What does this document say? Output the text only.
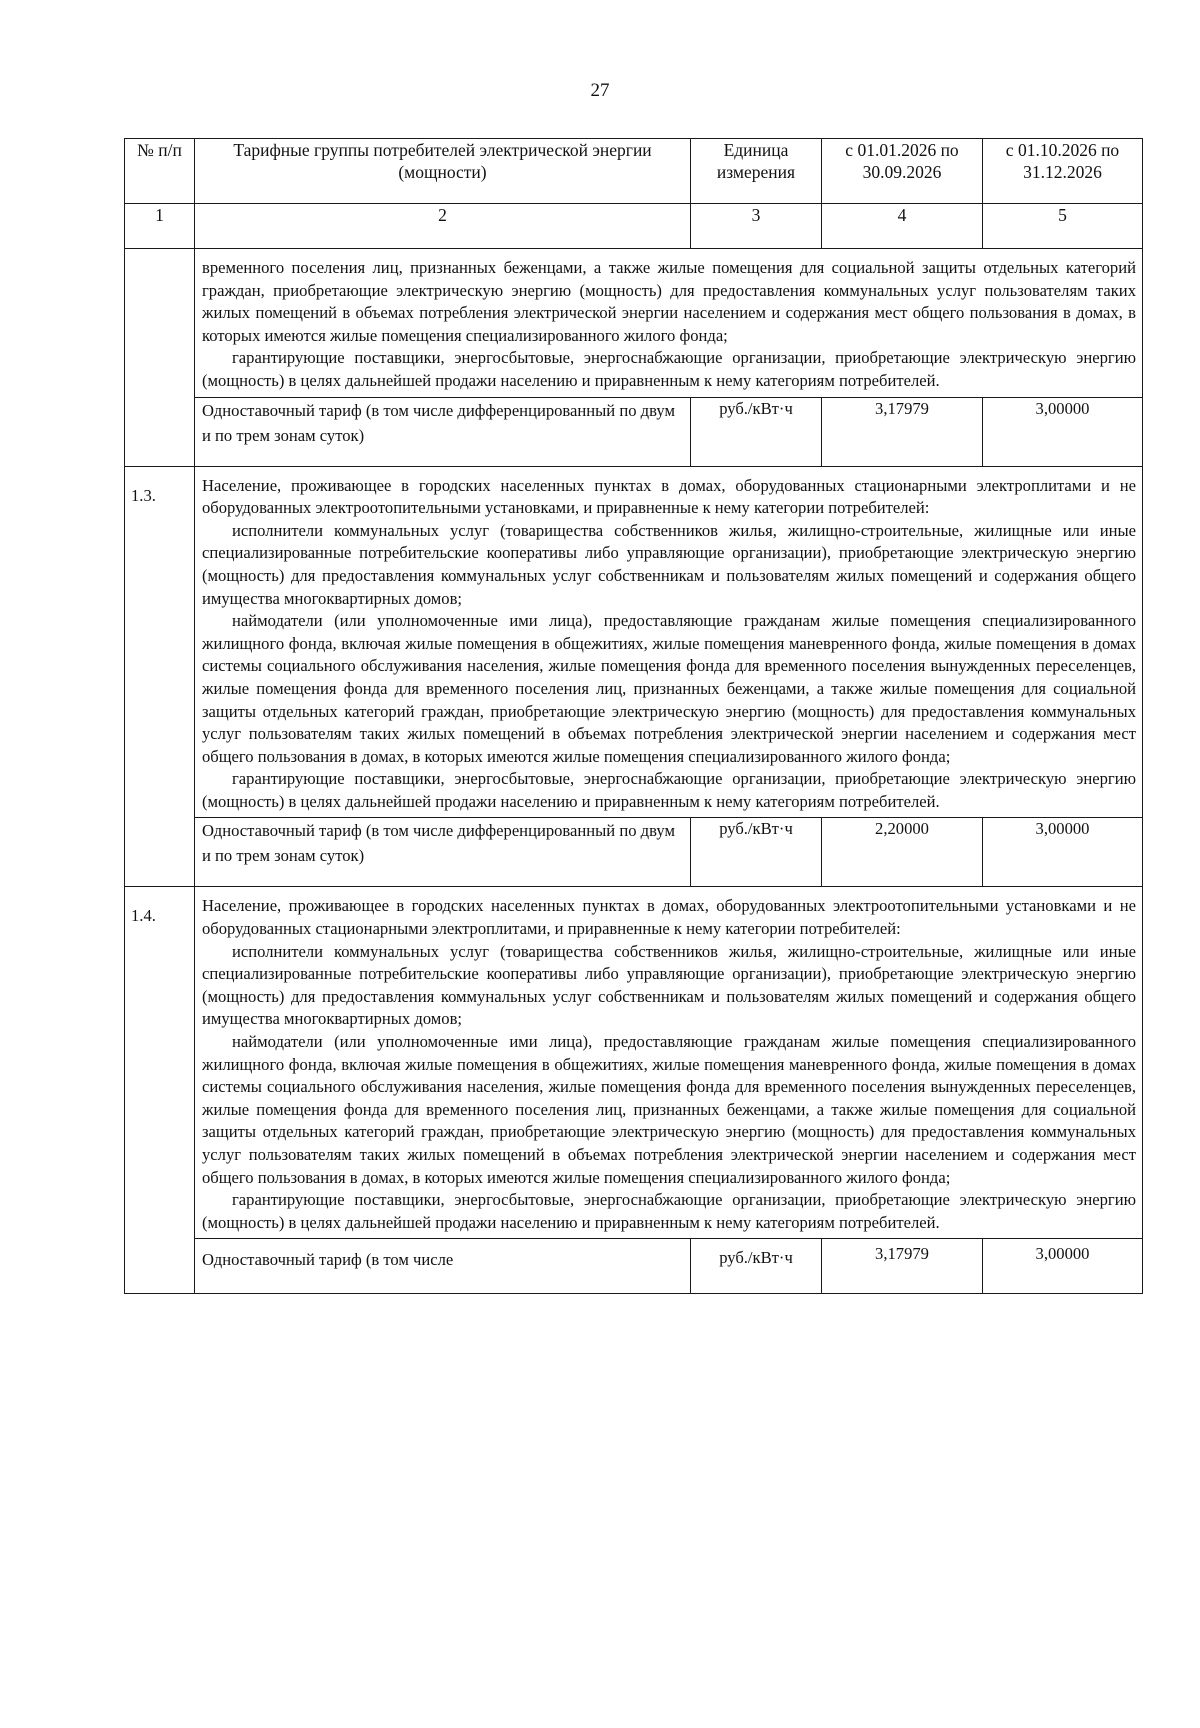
27
№ п/п	Тарифные группы потребителей электрической энергии (мощности)	Единица измерения	с 01.01.2026 по 30.09.2026	с 01.10.2026 по 31.12.2026
1	2	3	4	5

	временного поселения лиц, признанных беженцами, а также жилые помещения для социальной защиты отдельных категорий граждан, приобретающие электрическую энергию (мощность) для предоставления коммунальных услуг пользователям таких жилых помещений в объемах потребления электрической энергии населением и содержания мест общего пользования в домах, в которых имеются жилые помещения специализированного жилого фонда;

гарантирующие поставщики, энергосбытовые, энергоснабжающие организации, приобретающие электрическую энергию (мощность) в целях дальнейшей продажи населению и приравненным к нему категориям потребителей.			

	Одноставочный тариф (в том числе дифференцированный по двум и по трем зонам суток)	руб./кВт·ч	3,17979	3,00000
1.3.	Население, проживающее в городских населенных пунктах в домах, оборудованных стационарными электроплитами и не оборудованных электроотопительными установками, и приравненные к нему категории потребителей:

исполнители коммунальных услуг (товарищества собственников жилья, жилищно-строительные, жилищные или иные специализированные потребительские кооперативы либо управляющие организации), приобретающие электрическую энергию (мощность) для предоставления коммунальных услуг собственникам и пользователям жилых помещений и содержания общего имущества многоквартирных домов;

наймодатели (или уполномоченные ими лица), предоставляющие гражданам жилые помещения специализированного жилищного фонда, включая жилые помещения в общежитиях, жилые помещения маневренного фонда, жилые помещения в домах системы социального обслуживания населения, жилые помещения фонда для временного поселения вынужденных переселенцев, жилые помещения фонда для временного поселения лиц, признанных беженцами, а также жилые помещения для социальной защиты отдельных категорий граждан, приобретающие электрическую энергию (мощность) для предоставления коммунальных услуг пользователям таких жилых помещений в объемах потребления электрической энергии населением и содержания мест общего пользования в домах, в которых имеются жилые помещения специализированного жилого фонда;

гарантирующие поставщики, энергосбытовые, энергоснабжающие организации, приобретающие электрическую энергию (мощность) в целях дальнейшей продажи населению и приравненным к нему категориям потребителей.			

	Одноставочный тариф (в том числе дифференцированный по двум и по трем зонам суток)	руб./кВт·ч	2,20000	3,00000
1.4.	Население, проживающее в городских населенных пунктах в домах, оборудованных электроотопительными установками и не оборудованных стационарными электроплитами, и приравненные к нему категории потребителей:

исполнители коммунальных услуг (товарищества собственников жилья, жилищно-строительные, жилищные или иные специализированные потребительские кооперативы либо управляющие организации), приобретающие электрическую энергию (мощность) для предоставления коммунальных услуг собственникам и пользователям жилых помещений и содержания общего имущества многоквартирных домов;

наймодатели (или уполномоченные ими лица), предоставляющие гражданам жилые помещения специализированного жилищного фонда, включая жилые помещения в общежитиях, жилые помещения маневренного фонда, жилые помещения в домах системы социального обслуживания населения, жилые помещения фонда для временного поселения вынужденных переселенцев, жилые помещения фонда для временного поселения лиц, признанных беженцами, а также жилые помещения для социальной защиты отдельных категорий граждан, приобретающие электрическую энергию (мощность) для предоставления коммунальных услуг пользователям таких жилых помещений в объемах потребления электрической энергии населением и содержания мест общего пользования в домах, в которых имеются жилые помещения специализированного жилого фонда;

гарантирующие поставщики, энергосбытовые, энергоснабжающие организации, приобретающие электрическую энергию (мощность) в целях дальнейшей продажи населению и приравненным к нему категориям потребителей.			

	Одноставочный тариф (в том числе	руб./кВт·ч	3,17979	3,00000
